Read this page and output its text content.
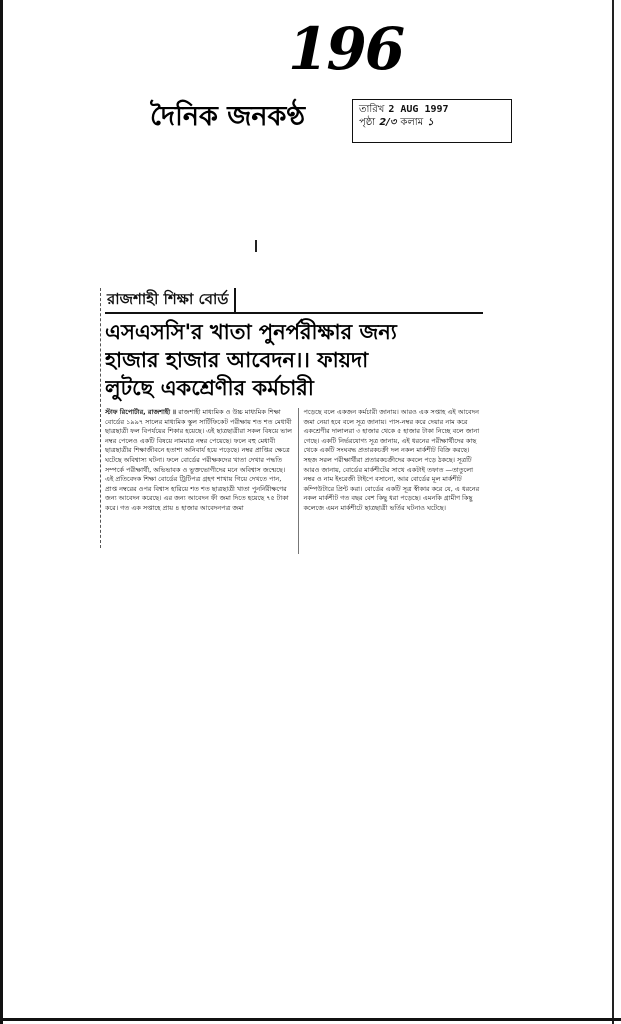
196
দৈনিক জনকণ্ঠ	তারিখ 2 AUG 1997
পৃষ্ঠা 2/৩ কলাম ১
রাজশাহী শিক্ষা বোর্ড
এসএসসি'র খাতা পুনর্পরীক্ষার জন্য
হাজার হাজার আবেদন।। ফায়দা
লুটছে একশ্রেণীর কর্মচারী
স্টাফ রিপোর্টার, রাজশাহী ॥ রাজশাহী মাধ্যমিক ও উচ্চ মাধ্যমিক শিক্ষা বোর্ডের ১৯৯৭ সালের মাধ্যমিক স্কুল সার্টিফিকেট পরীক্ষায় শত শত মেধাবী ছাত্রছাত্রী ফল বিপর্যয়ের শিকার হয়েছে। এই ছাত্রছাত্রীরা সকল বিষয়ে ভাল নম্বর পেলেও একটি বিষয়ে নামমাত্র নম্বর পেয়েছে। ফলে বহু মেধাবী ছাত্রছাত্রীর শিক্ষাজীবনে হতাশা অনিবার্য হয়ে পড়েছে। নম্বর প্রাপ্তির ক্ষেত্রে ঘটেছে অবিশ্বাস্য ঘটনা। ফলে বোর্ডের পরীক্ষকদের খাতা দেখার পদ্ধতি সম্পর্কে পরীক্ষার্থী, অভিভাবক ও ভুক্তভোগীদের মনে অবিশ্বাস জন্মেছে। এই প্রতিবেদক শিক্ষা বোর্ডের ট্রিটিপত্র গ্রহণ শাখায় গিয়ে দেখতে পান, প্রাপ্ত নম্বরের ওপর বিশ্বাস হারিয়ে শত শত ছাত্রছাত্রী খাতা পুনর্নিরীক্ষণের জন্য আবেদন করেছে। এর জন্য আবেদন ফী জমা দিতে হয়েছে ৭৫ টাকা করে। গত এক সপ্তাহে প্রায় ৪ হাজার আবেদনপত্র জমা
পড়েছে বলে একজন কর্মচারী জানায়। আরও এক সপ্তাহ এই আবেদন জমা নেয়া হবে বলে সূত্র জানায়। পাস-নম্বর করে দেয়ার নাম করে একশ্রেণীর দালালরা ৩ হাজার থেকে ৫ হাজার টাকা নিচ্ছে বলে জানা গেছে। একটি নির্ভরযোগ্য সূত্র জানায়, এই ধরনের পরীক্ষার্থীদের কাছ থেকে একটি সংঘবদ্ধ প্রতারকচক্রী দল নকল মার্কশীট বিক্রি করছে। সহজ সরল পরীক্ষার্থীরা প্রতারকচক্রীদের কবলে পড়ে ঠকছে। সূত্রটি আরও জানায়, বোর্ডের মার্কশীটের সাথে একটাই তফাত —তাতুলো নম্বর ও নাম ইংরেজী টাইপে বসানো, আর বোর্ডের মূল মার্কশীট কম্পিউটারে প্রিন্ট করা। বোর্ডের একটি সূত্র স্বীকার করে যে, এ ধরনের নকল মার্কশীট গত বছর বেশ কিছু ধরা পড়েছে। এমনকি গ্রামীণ কিছু কলেজে এমন মার্কশীটে ছাত্রছাত্রী ভর্তির ঘটনাও ঘটেছে।
